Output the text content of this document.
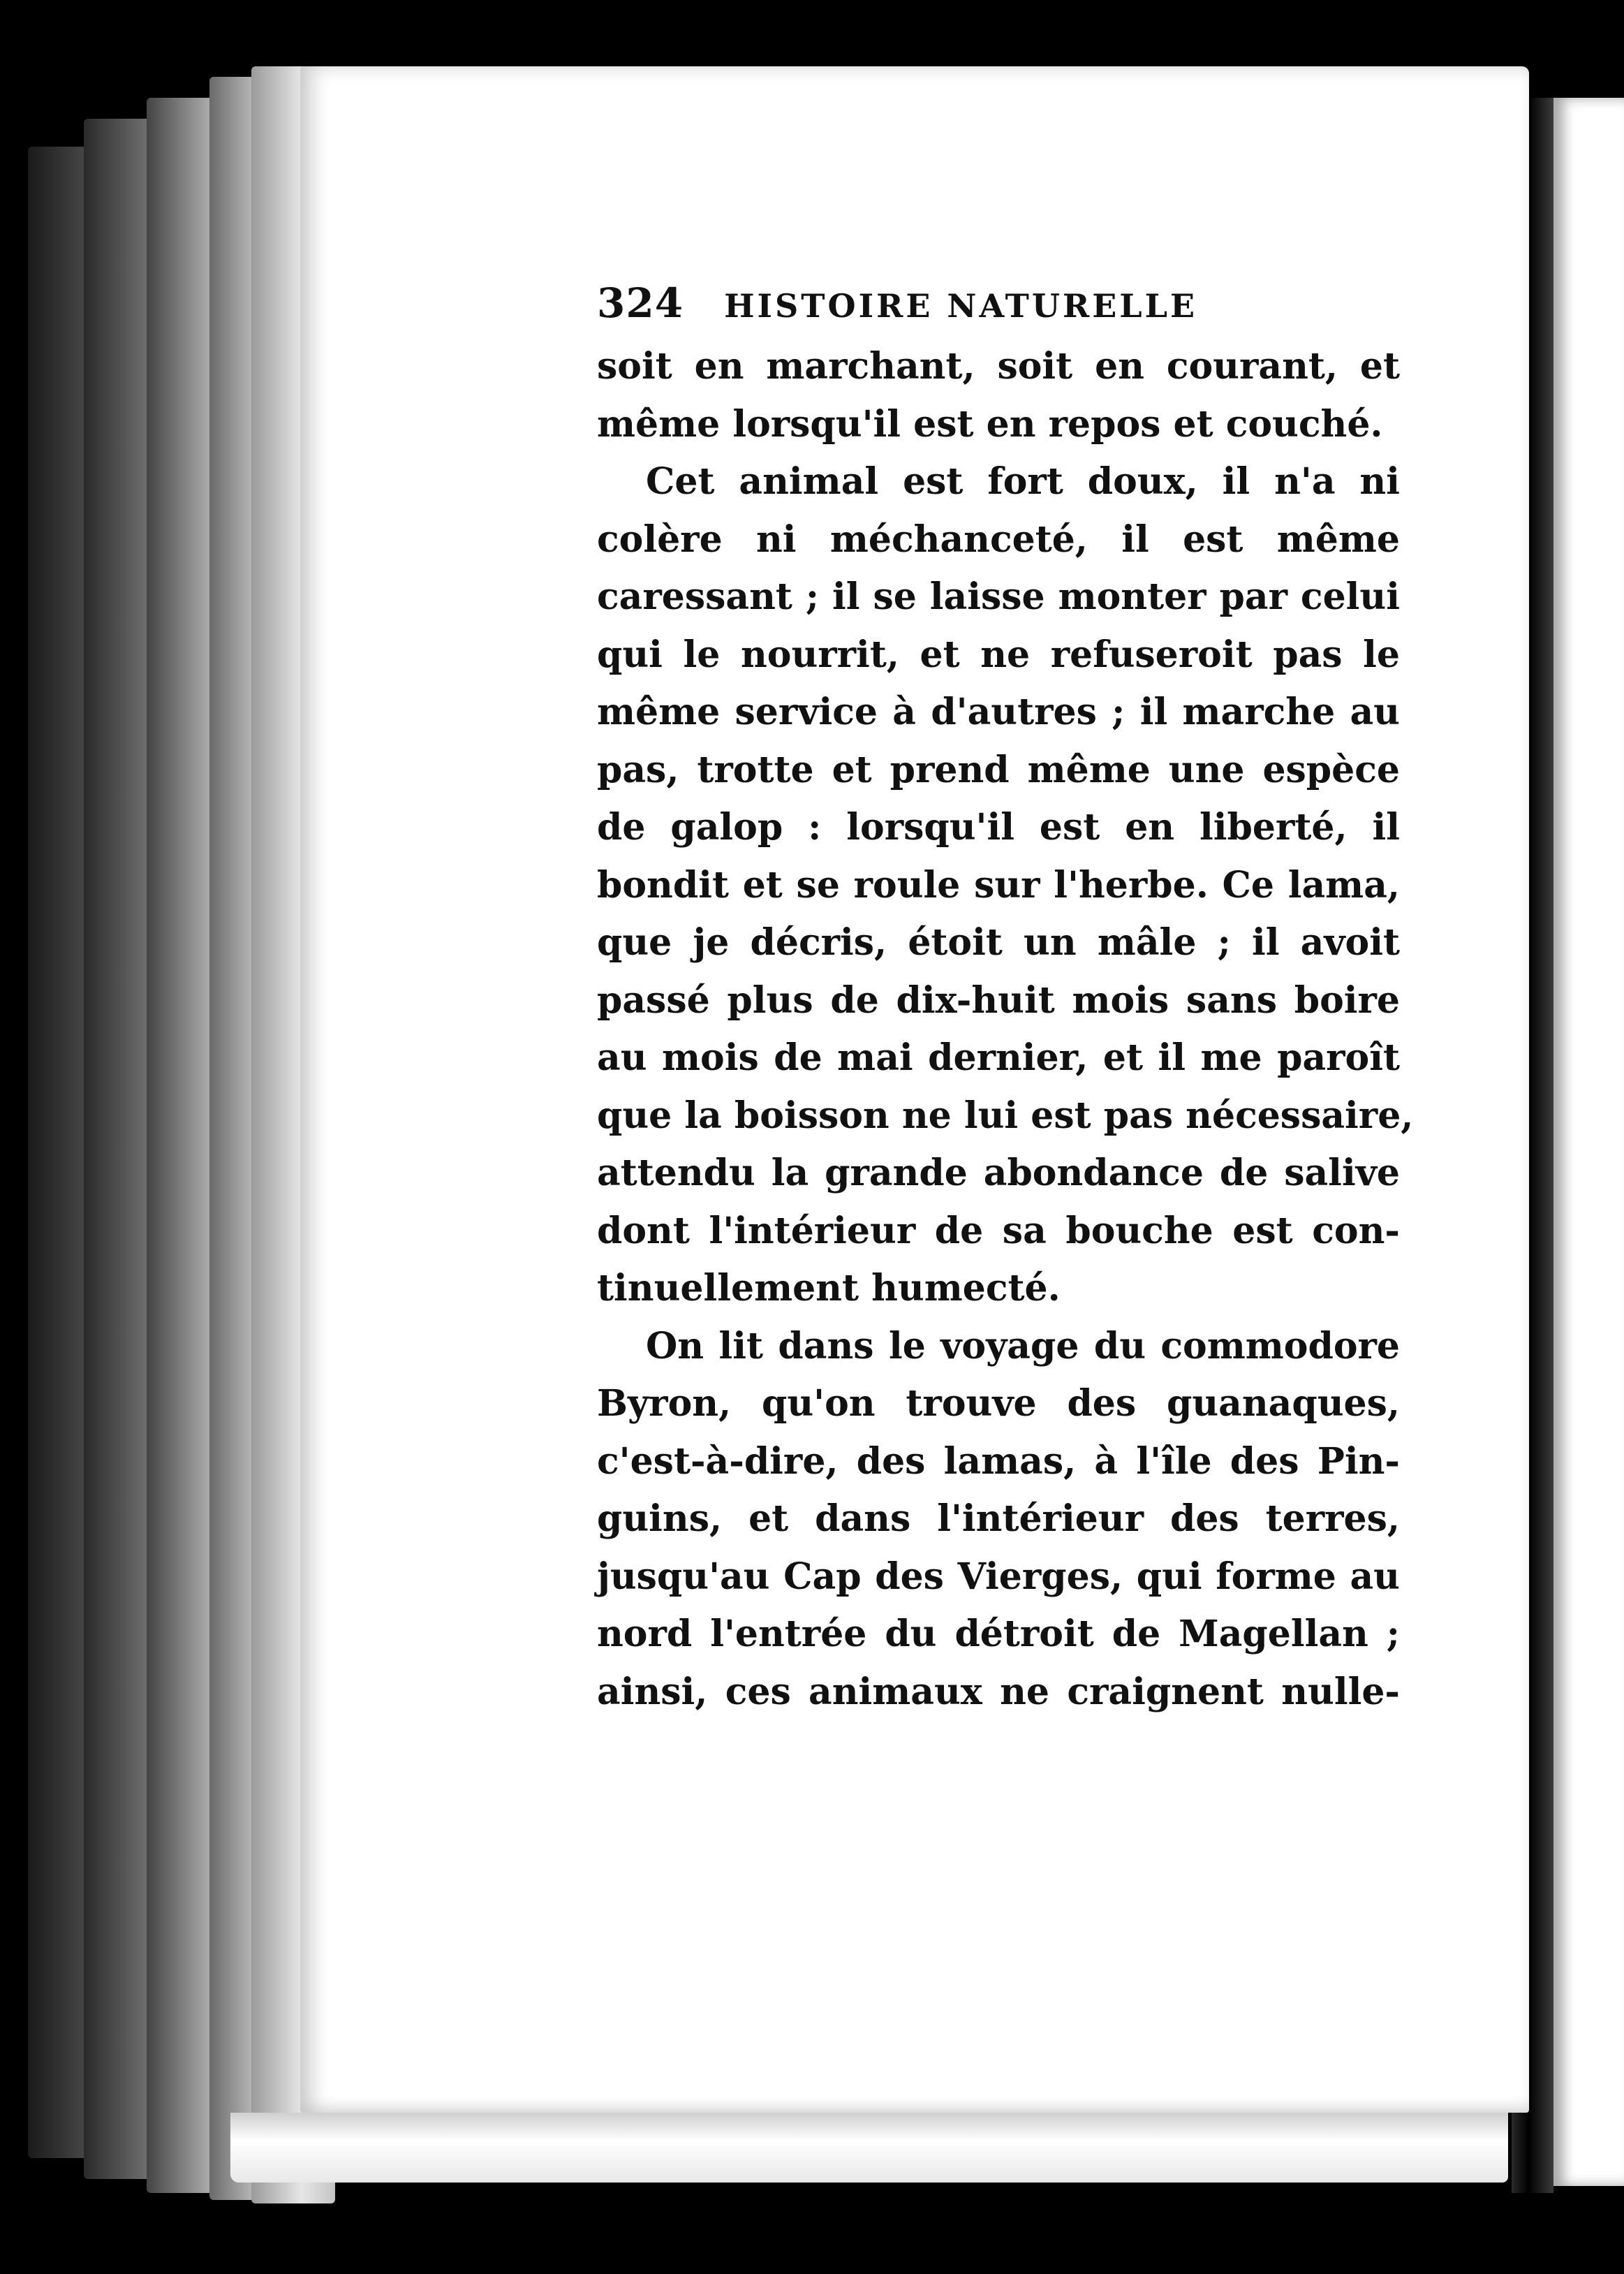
324 HISTOIRE NATURELLE
soit en marchant, soit en courant, et
même lorsqu'il est en repos et couché.
Cet animal est fort doux, il n'a ni
colère ni méchanceté, il est même
caressant ; il se laisse monter par celui
qui le nourrit, et ne refuseroit pas le
même service à d'autres ; il marche au
pas, trotte et prend même une espèce
de galop : lorsqu'il est en liberté, il
bondit et se roule sur l'herbe. Ce lama,
que je décris, étoit un mâle ; il avoit
passé plus de dix-huit mois sans boire
au mois de mai dernier, et il me paroît
que la boisson ne lui est pas nécessaire,
attendu la grande abondance de salive
dont l'intérieur de sa bouche est con-
tinuellement humecté.
On lit dans le voyage du commodore
Byron, qu'on trouve des guanaques,
c'est-à-dire, des lamas, à l'île des Pin-
guins, et dans l'intérieur des terres,
jusqu'au Cap des Vierges, qui forme au
nord l'entrée du détroit de Magellan ;
ainsi, ces animaux ne craignent nulle-
